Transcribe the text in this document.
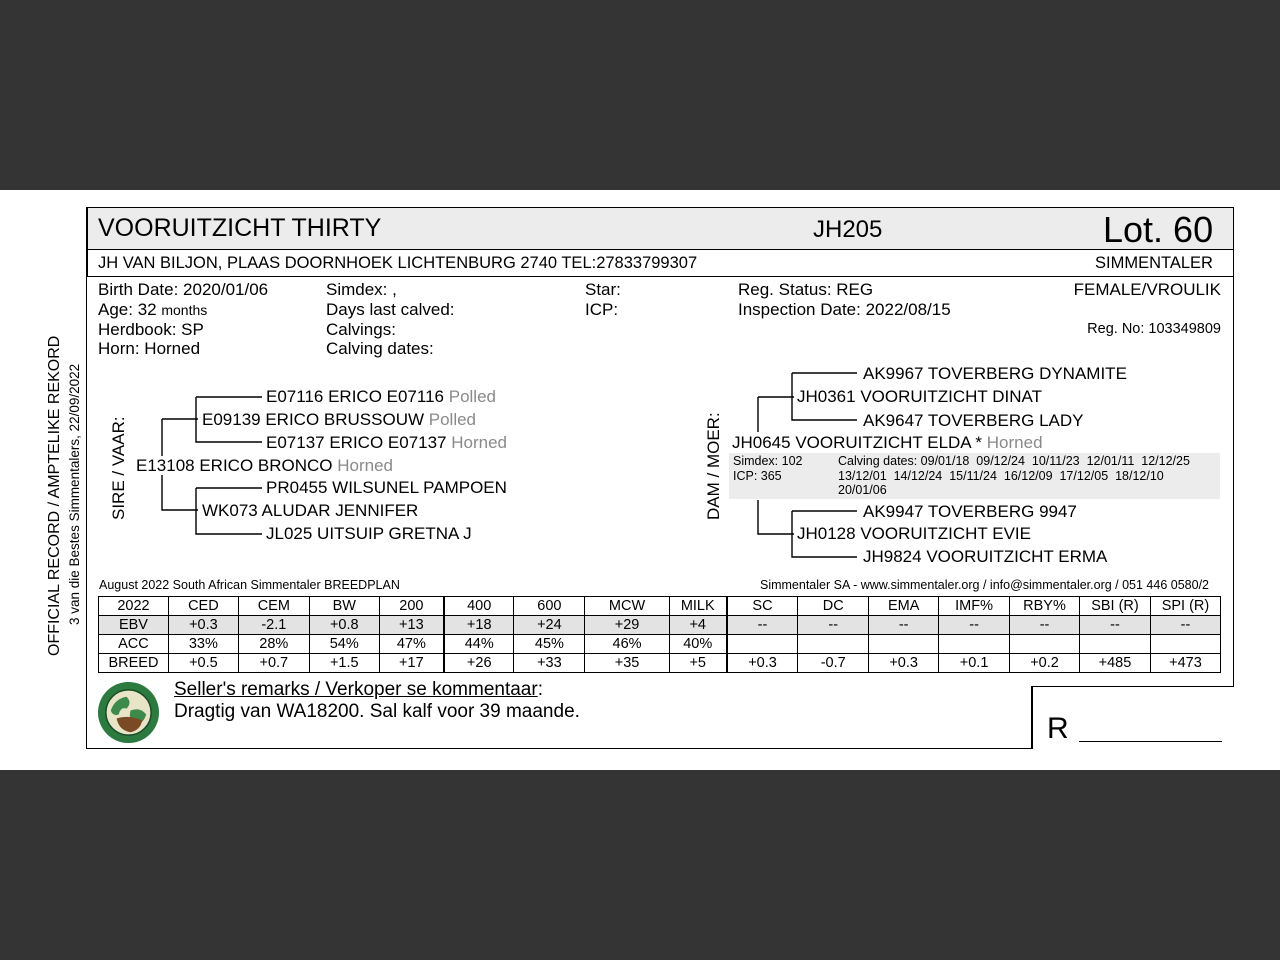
OFFICIAL RECORD / AMPTELIKE REKORD 3 van die Bestes Simmentalers, 22/09/2022
VOORUITZICHT THIRTY	JH205	Lot. 60
JH VAN BILJON, PLAAS DOORNHOEK LICHTENBURG 2740 TEL:27833799307	SIMMENTALER
Birth Date: 2020/01/06
Age: 32 months
Herdbook: SP
Horn: Horned
Simdex: ,
Days last calved:
Calvings:
Calving dates:
Star:
ICP:
Reg. Status: REG
Inspection Date: 2022/08/15
FEMALE/VROULIK
Reg. No: 103349809
SIRE / VAAR:
E07116 ERICO E07116 Polled
E09139 ERICO BRUSSOUW Polled
E07137 ERICO E07137 Horned
E13108 ERICO BRONCO Horned
PR0455 WILSUNEL PAMPOEN
WK073 ALUDAR JENNIFER
JL025 UITSUIP GRETNA J
DAM / MOER:
AK9967 TOVERBERG DYNAMITE
JH0361 VOORUITZICHT DINAT
AK9647 TOVERBERG LADY
JH0645 VOORUITZICHT ELDA * Horned
Simdex: 102
ICP: 365
Calving dates: 09/01/18  09/12/24  10/11/23  12/01/11  12/12/25
13/12/01  14/12/24  15/11/24  16/12/09  17/12/05  18/12/10
20/01/06
AK9947 TOVERBERG 9947
JH0128 VOORUITZICHT EVIE
JH9824 VOORUITZICHT ERMA
August 2022 South African Simmentaler BREEDPLAN	Simmentaler SA - www.simmentaler.org / info@simmentaler.org / 051 446 0580/2
2022	CED	CEM	BW	200	400	600	MCW	MILK	SC	DC	EMA	IMF%	RBY%	SBI (R)	SPI (R)
EBV	+0.3	-2.1	+0.8	+13	+18	+24	+29	+4	--	--	--	--	--	--	--
ACC	33%	28%	54%	47%	44%	45%	46%	40%							
BREED	+0.5	+0.7	+1.5	+17	+26	+33	+35	+5	+0.3	-0.7	+0.3	+0.1	+0.2	+485	+473
Seller's remarks / Verkoper se kommentaar:
Dragtig van WA18200. Sal kalf voor 39 maande.
R
